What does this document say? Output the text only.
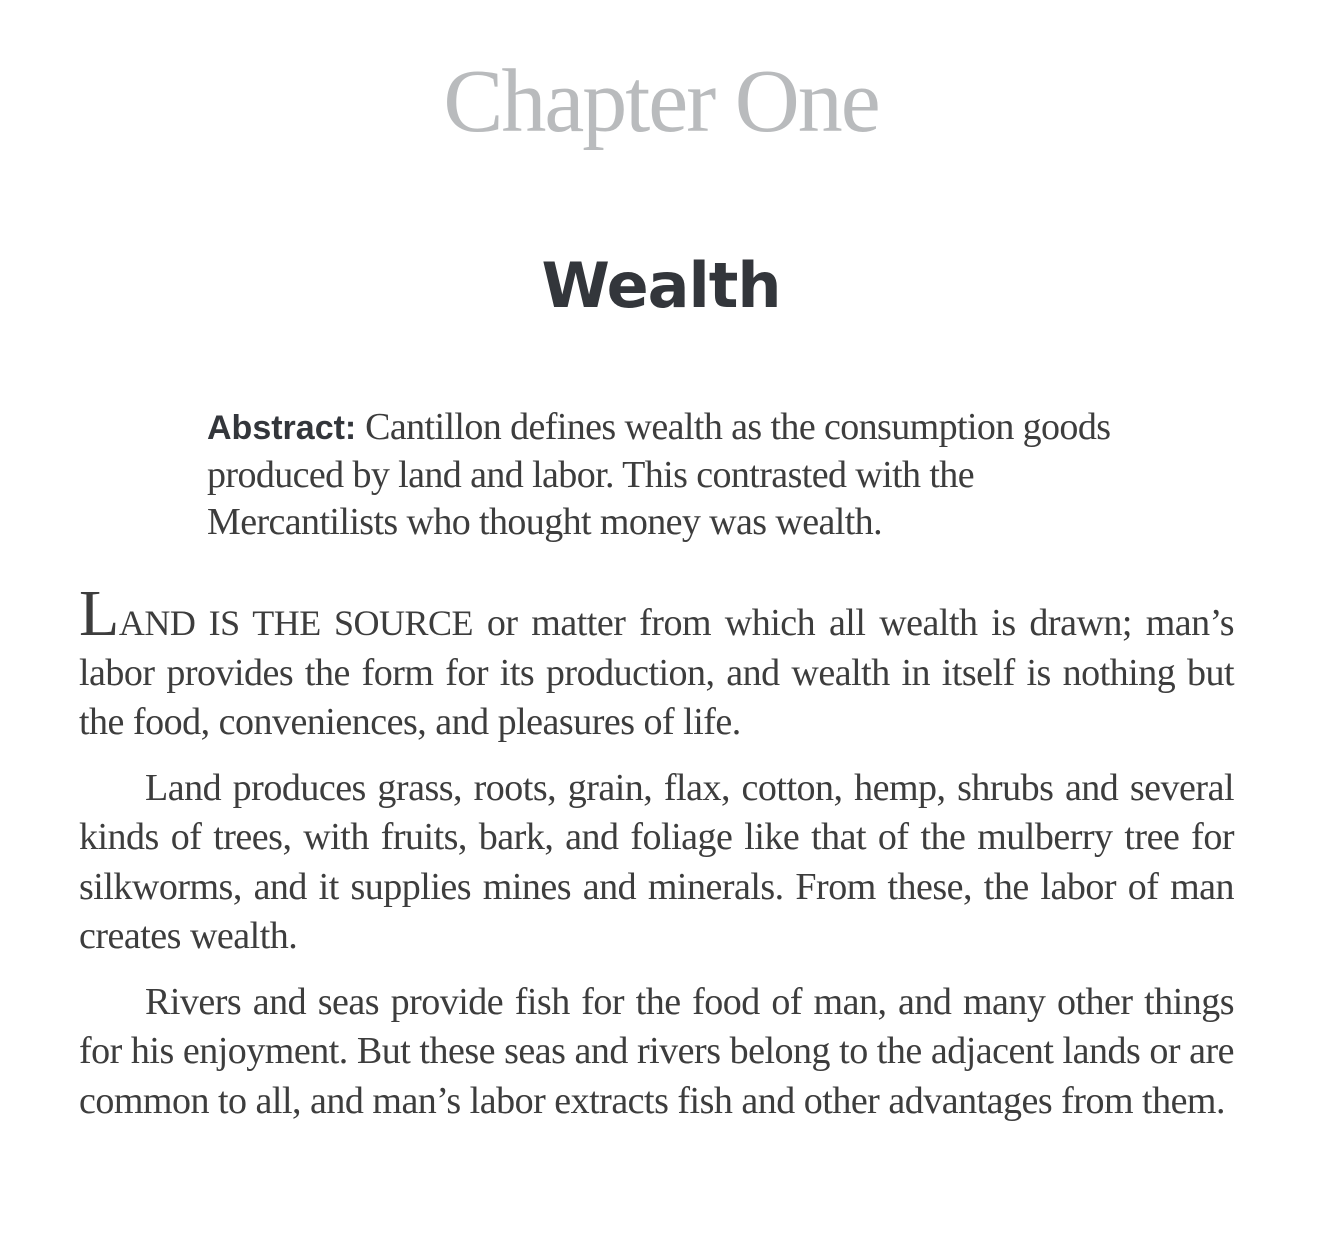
Chapter One
Wealth
Abstract: Cantillon defines wealth as the consumption goods produced by land and labor. This contrasted with the Mercantilists who thought money was wealth.

LAND IS THE SOURCE or matter from which all wealth is drawn; man’s labor provides the form for its production, and wealth in itself is nothing but the food, conveniences, and pleasures of life.

Land produces grass, roots, grain, flax, cotton, hemp, shrubs and several kinds of trees, with fruits, bark, and foliage like that of the mulberry tree for silkworms, and it supplies mines and minerals. From these, the labor of man creates wealth.

Rivers and seas provide fish for the food of man, and many other things for his enjoyment. But these seas and rivers belong to the adjacent lands or are common to all, and man’s labor extracts fish and other advantages from them.
